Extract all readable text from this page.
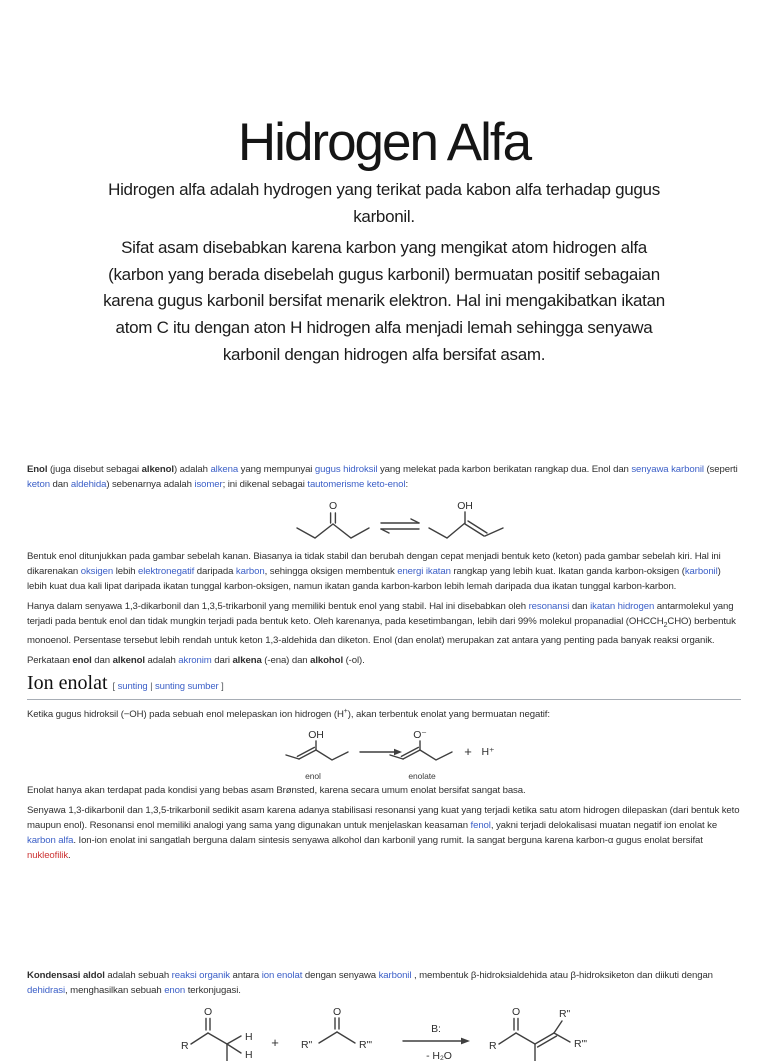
Hidrogen Alfa

Hidrogen alfa adalah hydrogen yang terikat pada kabon alfa terhadap gugus karbonil.

Sifat asam disebabkan karena karbon yang mengikat atom hidrogen alfa (karbon yang berada disebelah gugus karbonil) bermuatan positif sebagaian karena gugus karbonil bersifat menarik elektron. Hal ini mengakibatkan ikatan atom C itu dengan aton H hidrogen alfa menjadi lemah sehingga senyawa karbonil dengan hidrogen alfa bersifat asam.

Enol (juga disebut sebagai alkenol) adalah alkena yang mempunyai gugus hidroksil yang melekat pada karbon berikatan rangkap dua. Enol dan senyawa karbonil (seperti keton dan aldehida) sebenarnya adalah isomer; ini dikenal sebagai tautomerisme keto-enol:

O	OH

Bentuk enol ditunjukkan pada gambar sebelah kanan. Biasanya ia tidak stabil dan berubah dengan cepat menjadi bentuk keto (keton) pada gambar sebelah kiri. Hal ini dikarenakan oksigen lebih elektronegatif daripada karbon, sehingga oksigen membentuk energi ikatan rangkap yang lebih kuat. Ikatan ganda karbon-oksigen (karbonil) lebih kuat dua kali lipat daripada ikatan tunggal karbon-oksigen, namun ikatan ganda karbon-karbon lebih lemah daripada dua ikatan tunggal karbon-karbon.

Hanya dalam senyawa 1,3-dikarbonil dan 1,3,5-trikarbonil yang memiliki bentuk enol yang stabil. Hal ini disebabkan oleh resonansi dan ikatan hidrogen antarmolekul yang terjadi pada bentuk enol dan tidak mungkin terjadi pada bentuk keto. Oleh karenanya, pada kesetimbangan, lebih dari 99% molekul propanadial $(OHCCH_2CHO)$ berbentuk monoenol. Persentase tersebut lebih rendah untuk keton 1,3-aldehida dan diketon. Enol (dan enolat) merupakan zat antara yang penting pada banyak reaksi organik.

Perkataan enol dan alkenol adalah akronim dari alkena (-ena) dan alkohol (-ol).

Ion enolat [ sunting | sunting sumber ]

Ketika gugus hidroksil (−OH) pada sebuah enol melepaskan ion hidrogen (H+), akan terbentuk enolat yang bermuatan negatif:

OH
enol
O⁻
enolate
+ H⁺

Enolat hanya akan terdapat pada kondisi yang bebas asam Brønsted, karena secara umum enolat bersifat sangat basa.

Senyawa 1,3-dikarbonil dan 1,3,5-trikarbonil sedikit asam karena adanya stabilisasi resonansi yang kuat yang terjadi ketika satu atom hidrogen dilepaskan (dari bentuk keto maupun enol). Resonansi enol memiliki analogi yang sama yang digunakan untuk menjelaskan keasaman fenol, yakni terjadi delokalisasi muatan negatif ion enolat ke karbon alfa. Ion-ion enolat ini sangatlah berguna dalam sintesis senyawa alkohol dan karbonil yang rumit. Ia sangat berguna karena karbon-α gugus enolat bersifat nukleofilik.

Kondensasi aldol adalah sebuah reaksi organik antara ion enolat dengan senyawa karbonil , membentuk β-hidroksialdehida atau β-hidroksiketon dan diikuti dengan dehidrasi, menghasilkan sebuah enon terkonjugasi.

R
O
H
H
+ R"
O
R"'
B:
- H₂O
R
O	R"
R"'
